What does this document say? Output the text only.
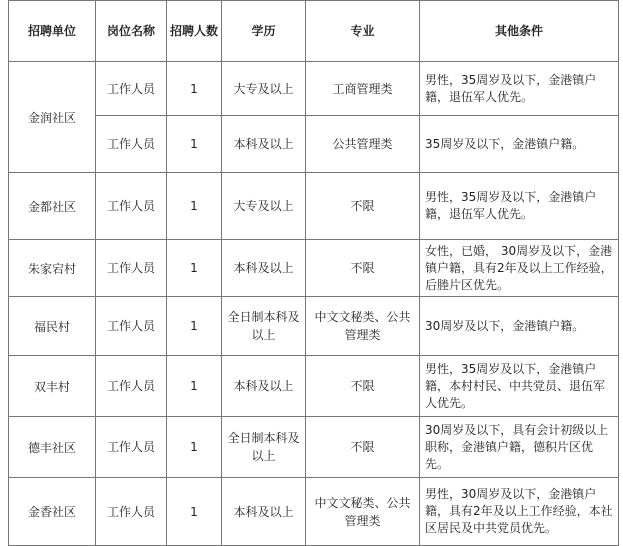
招聘单位	岗位名称	招聘人数	学历	专业	其他条件
金润社区	工作人员	1	大专及以上	工商管理类	男性，35周岁及以下，金港镇户籍，退伍军人优先。
	工作人员	1	本科及以上	公共管理类	35周岁及以下，金港镇户籍。
金都社区	工作人员	1	大专及以上	不限	男性，35周岁及以下，金港镇户籍，退伍军人优先。
朱家宕村	工作人员	1	本科及以上	不限	女性，已婚， 30周岁及以下，金港镇户籍，具有2年及以上工作经验，后塍片区优先。
福民村	工作人员	1	全日制本科及以上	中文文秘类、公共管理类	30周岁及以下，金港镇户籍。
双丰村	工作人员	1	本科及以上	不限	男性，35周岁及以下，金港镇户籍，本村村民、中共党员、退伍军人优先。
德丰社区	工作人员	1	全日制本科及以上	不限	30周岁及以下，具有会计初级以上职称，金港镇户籍，德积片区优先。
金香社区	工作人员	1	本科及以上	中文文秘类、公共管理类	男性，30周岁及以下，金港镇户籍，具有2年及以上工作经验，本社区居民及中共党员优先。
